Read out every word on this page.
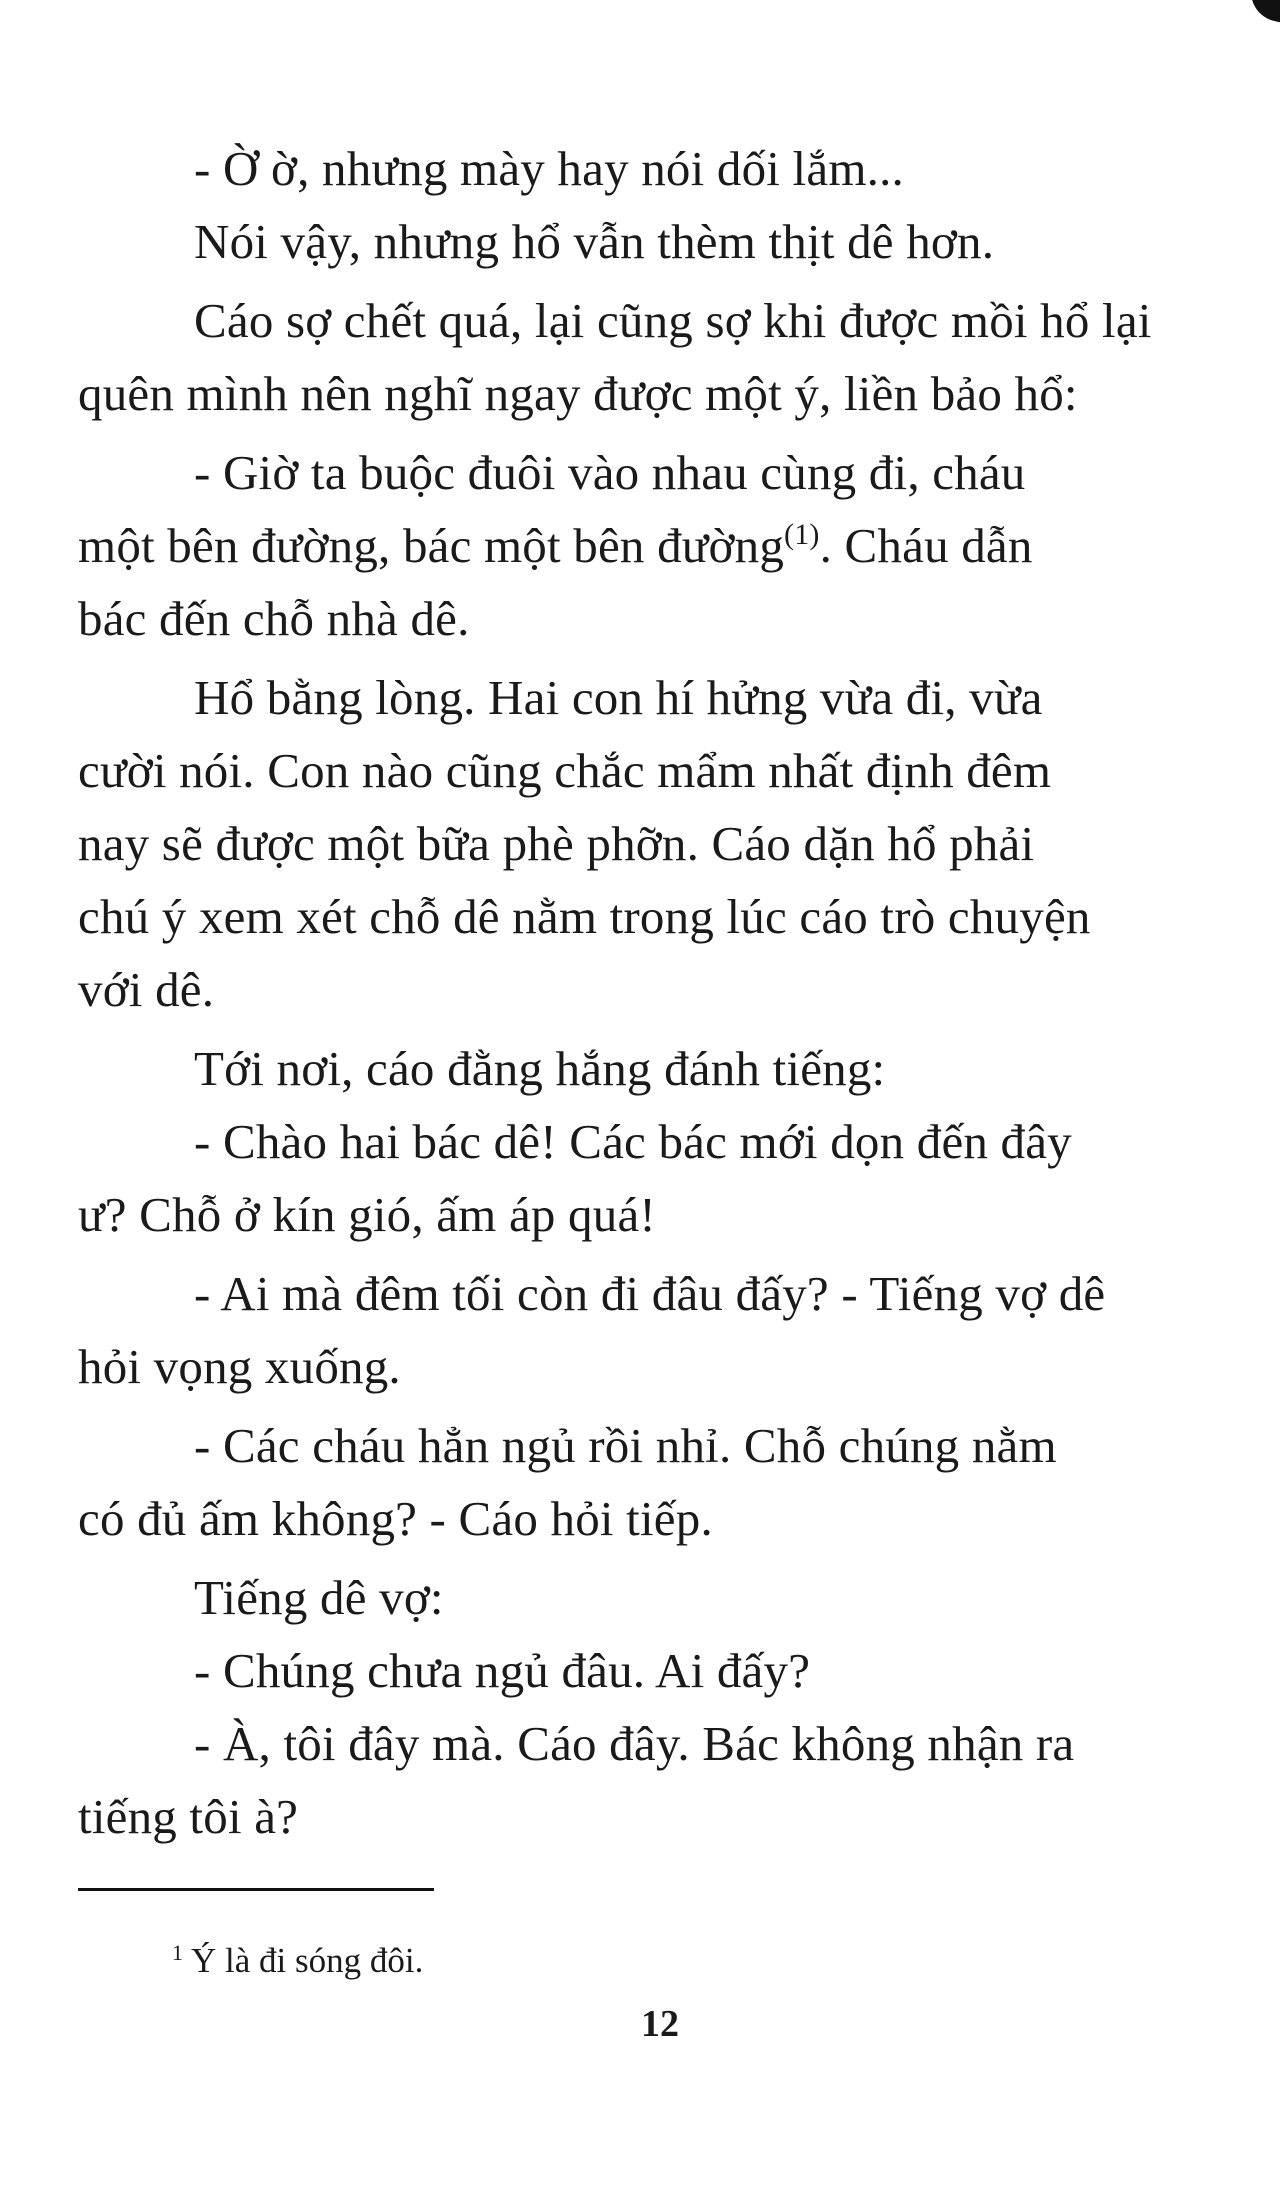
- Ờ ờ, nhưng mày hay nói dối lắm...
Nói vậy, nhưng hổ vẫn thèm thịt dê hơn.
Cáo sợ chết quá, lại cũng sợ khi được mồi hổ lại
quên mình nên nghĩ ngay được một ý, liền bảo hổ:
- Giờ ta buộc đuôi vào nhau cùng đi, cháu
một bên đường, bác một bên đường$^{(1)}$. Cháu dẫn
bác đến chỗ nhà dê.
Hổ bằng lòng. Hai con hí hửng vừa đi, vừa
cười nói. Con nào cũng chắc mẩm nhất định đêm
nay sẽ được một bữa phè phỡn. Cáo dặn hổ phải
chú ý xem xét chỗ dê nằm trong lúc cáo trò chuyện
với dê.
Tới nơi, cáo đằng hắng đánh tiếng:
- Chào hai bác dê! Các bác mới dọn đến đây
ư? Chỗ ở kín gió, ấm áp quá!
- Ai mà đêm tối còn đi đâu đấy? - Tiếng vợ dê
hỏi vọng xuống.
- Các cháu hẳn ngủ rồi nhỉ. Chỗ chúng nằm
có đủ ấm không? - Cáo hỏi tiếp.
Tiếng dê vợ:
- Chúng chưa ngủ đâu. Ai đấy?
- À, tôi đây mà. Cáo đây. Bác không nhận ra
tiếng tôi à?
$^1$ Ý là đi sóng đôi.
12
